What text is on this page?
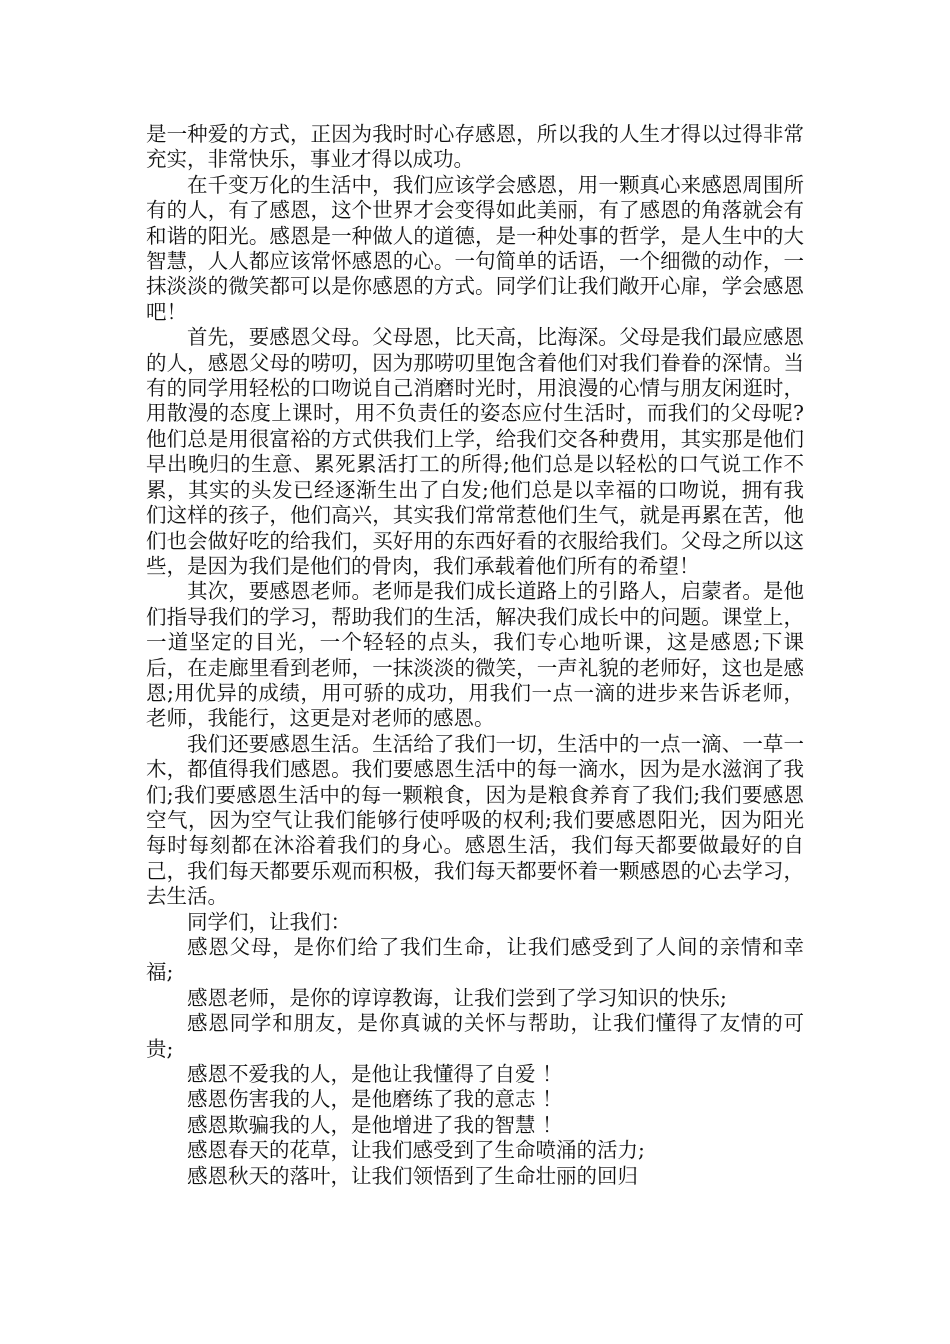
是一种爱的方式，正因为我时时心存感恩，所以我的人生才得以过得非常充实，非常快乐，事业才得以成功。

在千变万化的生活中，我们应该学会感恩，用一颗真心来感恩周围所有的人，有了感恩，这个世界才会变得如此美丽，有了感恩的角落就会有和谐的阳光。感恩是一种做人的道德，是一种处事的哲学，是人生中的大智慧，人人都应该常怀感恩的心。一句简单的话语，一个细微的动作，一抹淡淡的微笑都可以是你感恩的方式。同学们让我们敞开心扉，学会感恩吧！

首先，要感恩父母。父母恩，比天高，比海深。父母是我们最应感恩的人，感恩父母的唠叨，因为那唠叨里饱含着他们对我们眷眷的深情。当有的同学用轻松的口吻说自己消磨时光时，用浪漫的心情与朋友闲逛时，用散漫的态度上课时，用不负责任的姿态应付生活时，而我们的父母呢?他们总是用很富裕的方式供我们上学，给我们交各种费用，其实那是他们早出晚归的生意、累死累活打工的所得;他们总是以轻松的口气说工作不累，其实的头发已经逐渐生出了白发;他们总是以幸福的口吻说，拥有我们这样的孩子，他们高兴，其实我们常常惹他们生气，就是再累在苦，他们也会做好吃的给我们，买好用的东西好看的衣服给我们。父母之所以这些，是因为我们是他们的骨肉，我们承载着他们所有的希望！

其次，要感恩老师。老师是我们成长道路上的引路人，启蒙者。是他们指导我们的学习，帮助我们的生活，解决我们成长中的问题。课堂上，一道坚定的目光，一个轻轻的点头，我们专心地听课，这是感恩;下课后，在走廊里看到老师，一抹淡淡的微笑，一声礼貌的老师好，这也是感恩;用优异的成绩，用可骄的成功，用我们一点一滴的进步来告诉老师，老师，我能行，这更是对老师的感恩。

我们还要感恩生活。生活给了我们一切，生活中的一点一滴、一草一木，都值得我们感恩。我们要感恩生活中的每一滴水，因为是水滋润了我们;我们要感恩生活中的每一颗粮食，因为是粮食养育了我们;我们要感恩空气，因为空气让我们能够行使呼吸的权利;我们要感恩阳光，因为阳光每时每刻都在沐浴着我们的身心。感恩生活，我们每天都要做最好的自己，我们每天都要乐观而积极，我们每天都要怀着一颗感恩的心去学习，去生活。

同学们，让我们：

感恩父母，是你们给了我们生命，让我们感受到了人间的亲情和幸福;

感恩老师，是你的谆谆教诲，让我们尝到了学习知识的快乐;

感恩同学和朋友，是你真诚的关怀与帮助，让我们懂得了友情的可贵;

感恩不爱我的人，是他让我懂得了自爱 ！

感恩伤害我的人，是他磨练了我的意志 ！

感恩欺骗我的人，是他增进了我的智慧 ！

感恩春天的花草，让我们感受到了生命喷涌的活力;

感恩秋天的落叶，让我们领悟到了生命壮丽的回归
